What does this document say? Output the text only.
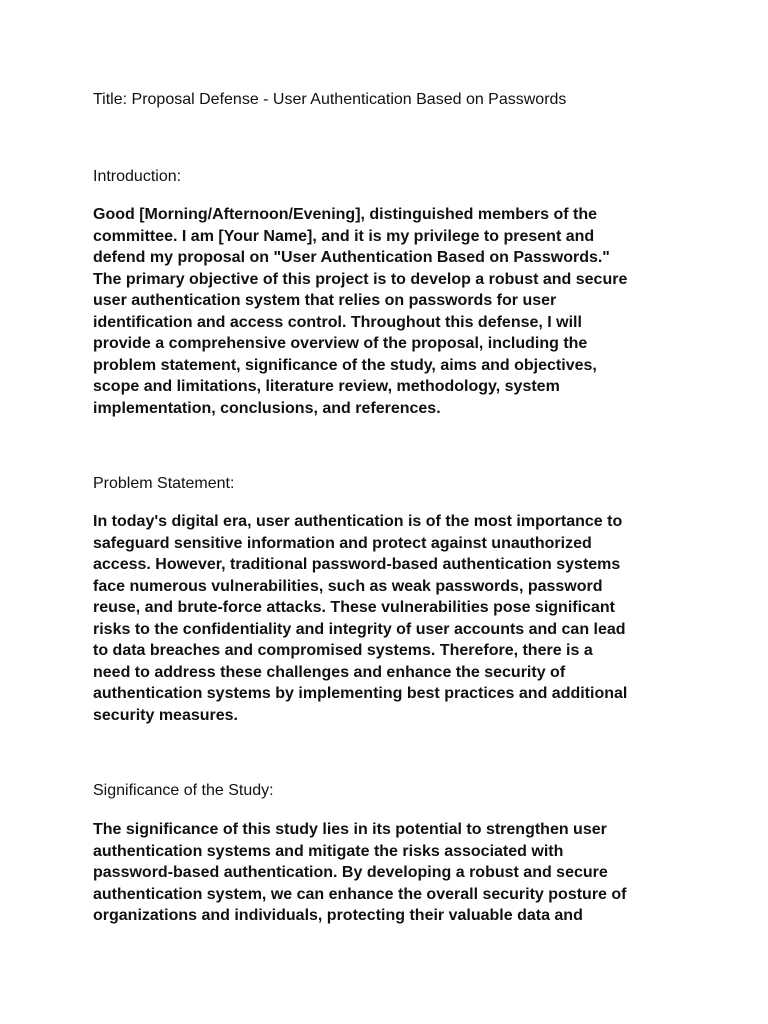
Title: Proposal Defense - User Authentication Based on Passwords
Introduction:
Good [Morning/Afternoon/Evening], distinguished members of the
committee. I am [Your Name], and it is my privilege to present and
defend my proposal on "User Authentication Based on Passwords."
The primary objective of this project is to develop a robust and secure
user authentication system that relies on passwords for user
identification and access control. Throughout this defense, I will
provide a comprehensive overview of the proposal, including the
problem statement, significance of the study, aims and objectives,
scope and limitations, literature review, methodology, system
implementation, conclusions, and references.
Problem Statement:
In today's digital era, user authentication is of the most importance to
safeguard sensitive information and protect against unauthorized
access. However, traditional password-based authentication systems
face numerous vulnerabilities, such as weak passwords, password
reuse, and brute-force attacks. These vulnerabilities pose significant
risks to the confidentiality and integrity of user accounts and can lead
to data breaches and compromised systems. Therefore, there is a
need to address these challenges and enhance the security of
authentication systems by implementing best practices and additional
security measures.
Significance of the Study:
The significance of this study lies in its potential to strengthen user
authentication systems and mitigate the risks associated with
password-based authentication. By developing a robust and secure
authentication system, we can enhance the overall security posture of
organizations and individuals, protecting their valuable data and
